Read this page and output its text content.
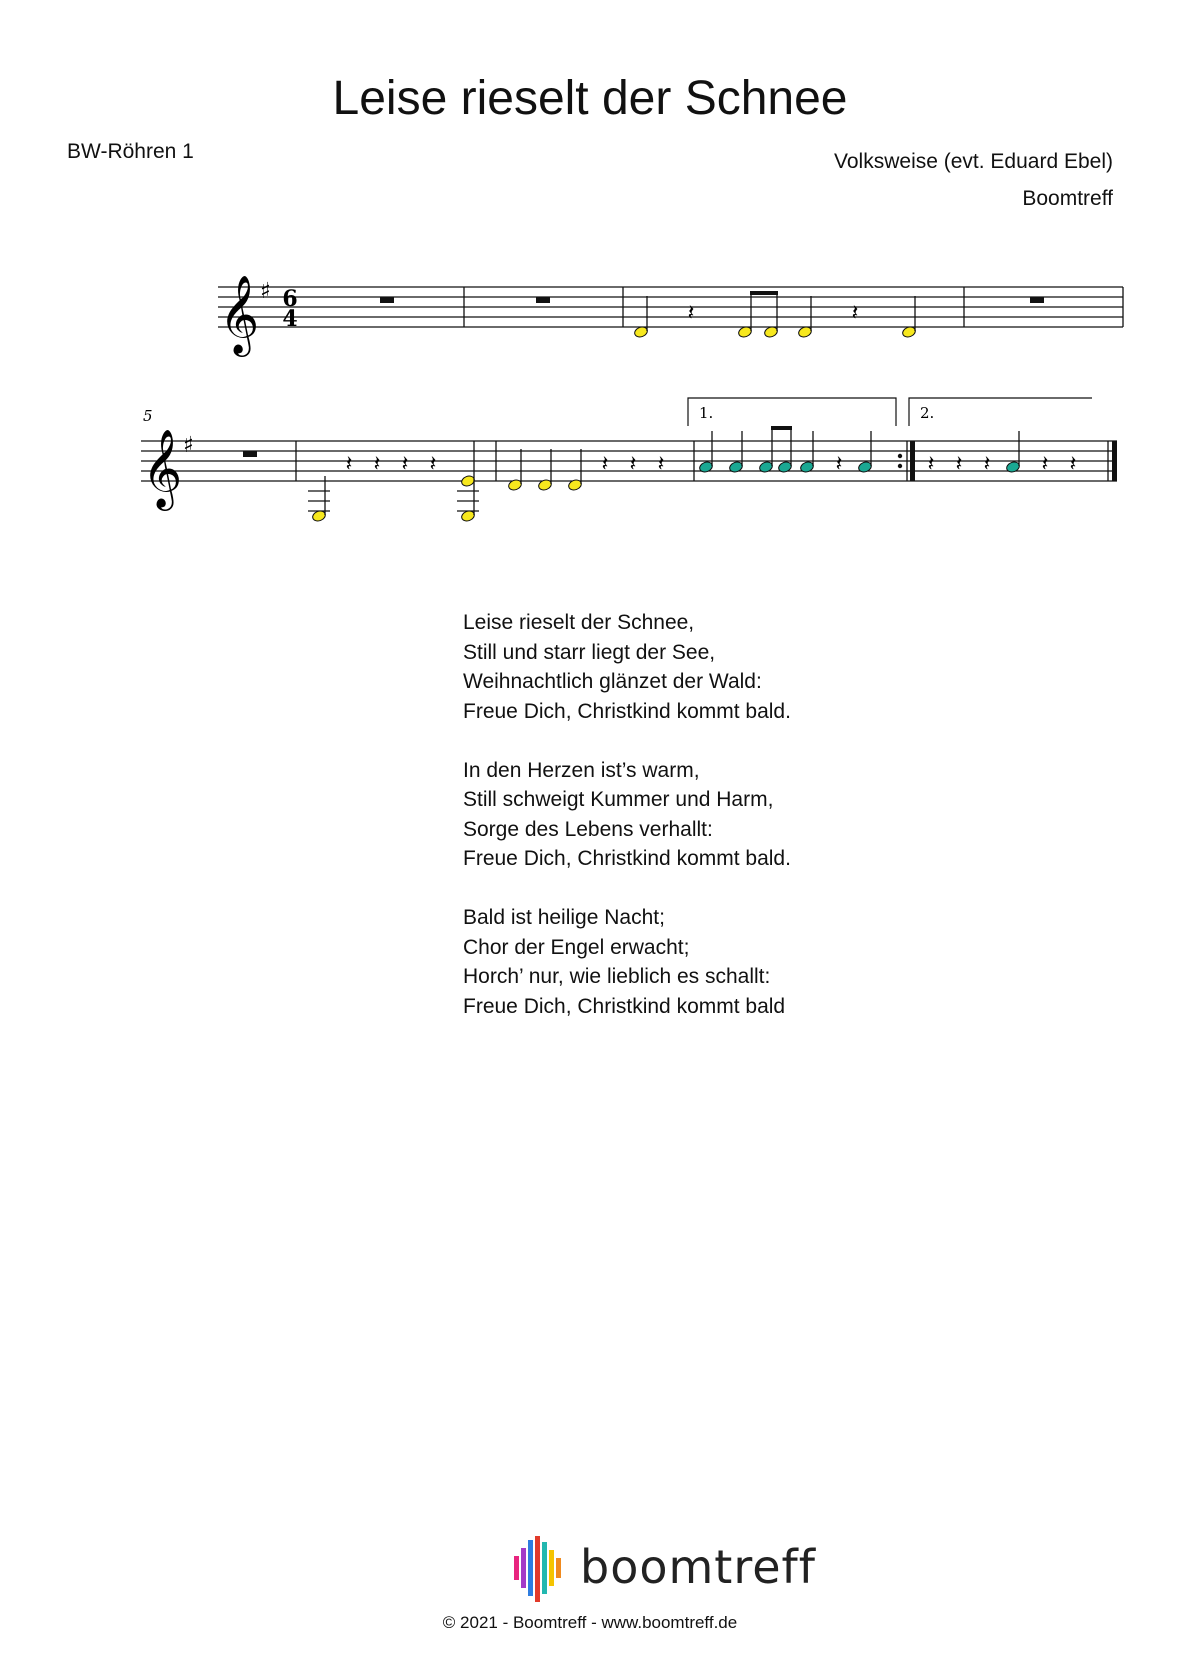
Leise rieselt der Schnee
BW-Röhren 1	Volksweise (evt. Eduard Ebel)
Boomtreff
𝄞 ♯ 6
4	𝄽	𝄽
5
𝄞 ♯
𝄽 𝄽 𝄽 𝄽	𝄽 𝄽 𝄽
1.	2.
𝄽	𝄽 𝄽 𝄽 𝄽 𝄽
Leise rieselt der Schnee,
Still und starr liegt der See,
Weihnachtlich glänzet der Wald:
Freue Dich, Christkind kommt bald.
In den Herzen ist’s warm,
Still schweigt Kummer und Harm,
Sorge des Lebens verhallt:
Freue Dich, Christkind kommt bald.
Bald ist heilige Nacht;
Chor der Engel erwacht;
Horch’ nur, wie lieblich es schallt:
Freue Dich, Christkind kommt bald
boomtreff
© 2021 - Boomtreff - www.boomtreff.de
